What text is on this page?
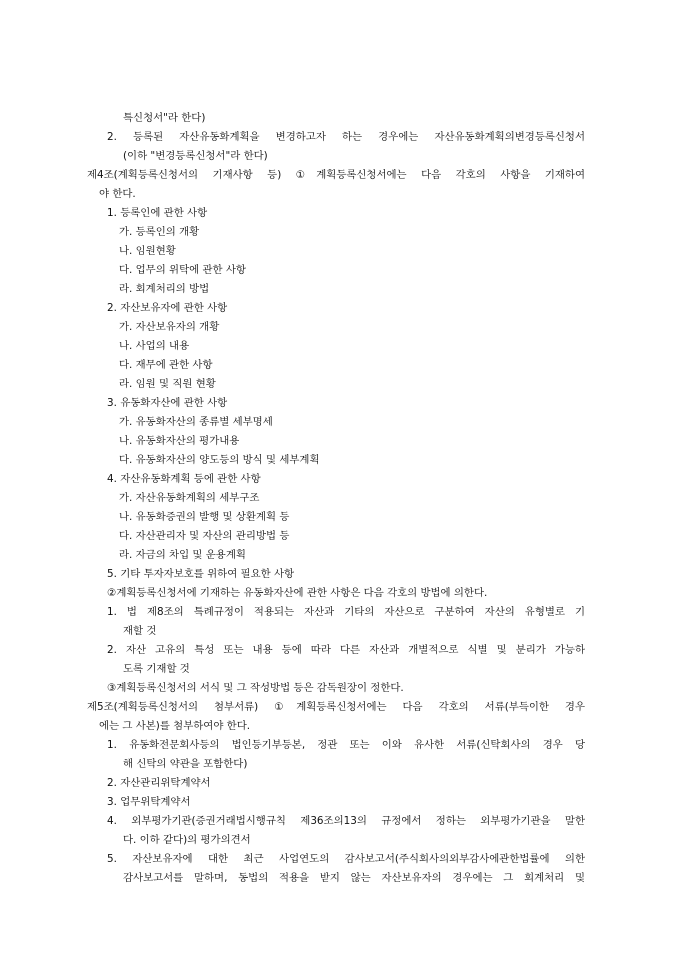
특신청서"라 한다)
2. 등록된 자산유동화계획을 변경하고자 하는 경우에는 자산유동화계획의변경등록신청서
(이하 "변경등록신청서"라 한다)
제4조(계획등록신청서의 기재사항 등) ①계획등록신청서에는 다음 각호의 사항을 기재하여
야 한다.
1. 등록인에 관한 사항
가. 등록인의 개황
나. 임원현황
다. 업무의 위탁에 관한 사항
라. 회계처리의 방법
2. 자산보유자에 관한 사항
가. 자산보유자의 개황
나. 사업의 내용
다. 재무에 관한 사항
라. 임원 및 직원 현황
3. 유동화자산에 관한 사항
가. 유동화자산의 종류별 세부명세
나. 유동화자산의 평가내용
다. 유동화자산의 양도등의 방식 및 세부계획
4. 자산유동화계획 등에 관한 사항
가. 자산유동화계획의 세부구조
나. 유동화증권의 발행 및 상환계획 등
다. 자산관리자 및 자산의 관리방법 등
라. 자금의 차입 및 운용계획
5. 기타 투자자보호를 위하여 필요한 사항
②계획등록신청서에 기재하는 유동화자산에 관한 사항은 다음 각호의 방법에 의한다.
1. 법 제8조의 특례규정이 적용되는 자산과 기타의 자산으로 구분하여 자산의 유형별로 기
재할 것
2. 자산 고유의 특성 또는 내용 등에 따라 다른 자산과 개별적으로 식별 및 분리가 가능하
도록 기재할 것
③계획등록신청서의 서식 및 그 작성방법 등은 감독원장이 정한다.
제5조(계획등록신청서의 첨부서류) ①계획등록신청서에는 다음 각호의 서류(부득이한 경우
에는 그 사본)를 첨부하여야 한다.
1. 유동화전문회사등의 법인등기부등본, 정관 또는 이와 유사한 서류(신탁회사의 경우 당
해 신탁의 약관을 포함한다)
2. 자산관리위탁계약서
3. 업무위탁계약서
4. 외부평가기관(증권거래법시행규칙 제36조의13의 규정에서 정하는 외부평가기관을 말한
다. 이하 같다)의 평가의견서
5. 자산보유자에 대한 최근 사업연도의 감사보고서(주식회사의외부감사에관한법률에 의한
감사보고서를 말하며, 동법의 적용을 받지 않는 자산보유자의 경우에는 그 회계처리 및
